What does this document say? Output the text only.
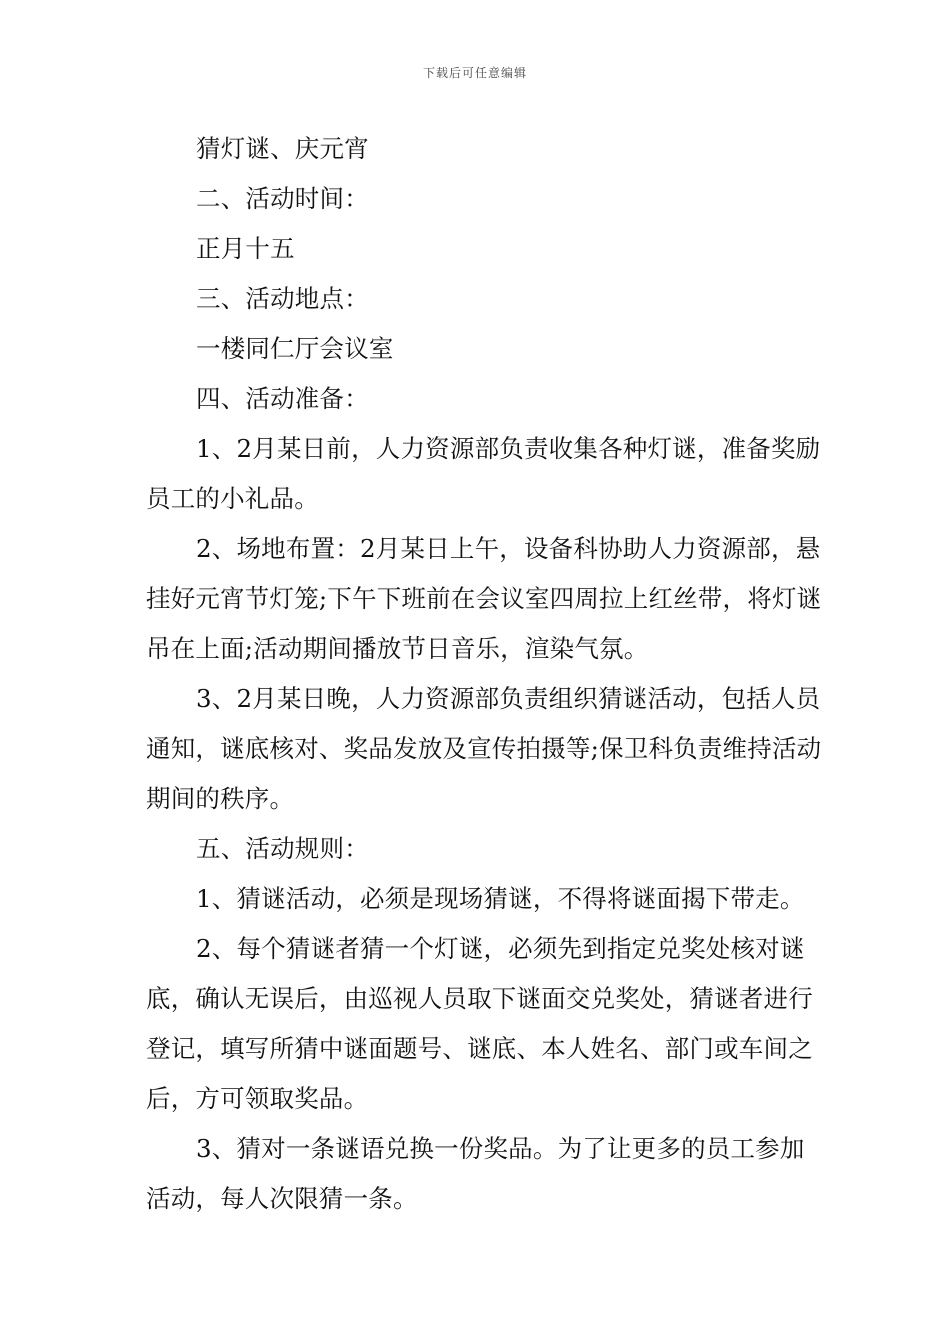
下载后可任意编辑

猜灯谜、庆元宵

二、活动时间：

正月十五

三、活动地点：

一楼同仁厅会议室

四、活动准备：

1、2月某日前，人力资源部负责收集各种灯谜，准备奖励员工的小礼品。

2、场地布置：2月某日上午，设备科协助人力资源部，悬挂好元宵节灯笼;下午下班前在会议室四周拉上红丝带，将灯谜吊在上面;活动期间播放节日音乐，渲染气氛。

3、2月某日晚，人力资源部负责组织猜谜活动，包括人员通知，谜底核对、奖品发放及宣传拍摄等;保卫科负责维持活动期间的秩序。

五、活动规则：

1、猜谜活动，必须是现场猜谜，不得将谜面揭下带走。

2、每个猜谜者猜一个灯谜，必须先到指定兑奖处核对谜底，确认无误后，由巡视人员取下谜面交兑奖处，猜谜者进行登记，填写所猜中谜面题号、谜底、本人姓名、部门或车间之后，方可领取奖品。

3、猜对一条谜语兑换一份奖品。为了让更多的员工参加活动，每人次限猜一条。
